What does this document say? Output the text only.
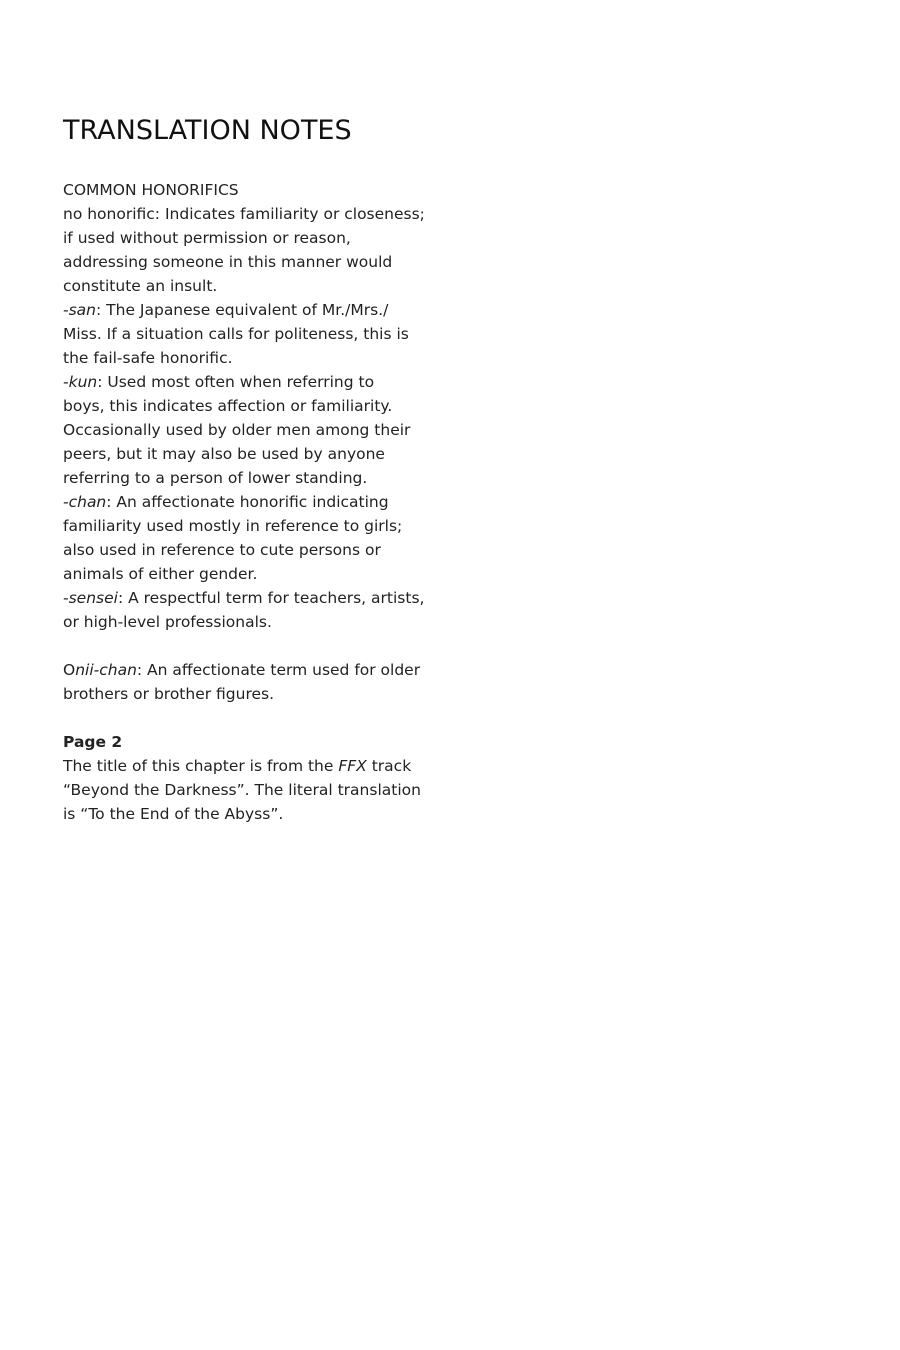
TRANSLATION NOTES
COMMON HONORIFICS
no honorific: Indicates familiarity or closeness;
if used without permission or reason,
addressing someone in this manner would
constitute an insult.
-san: The Japanese equivalent of Mr./Mrs./
Miss. If a situation calls for politeness, this is
the fail-safe honorific.
-kun: Used most often when referring to
boys, this indicates affection or familiarity.
Occasionally used by older men among their
peers, but it may also be used by anyone
referring to a person of lower standing.
-chan: An affectionate honorific indicating
familiarity used mostly in reference to girls;
also used in reference to cute persons or
animals of either gender.
-sensei: A respectful term for teachers, artists,
or high-level professionals.
Onii-chan: An affectionate term used for older
brothers or brother figures.
Page 2
The title of this chapter is from the FFX track
“Beyond the Darkness”. The literal translation
is “To the End of the Abyss”.
